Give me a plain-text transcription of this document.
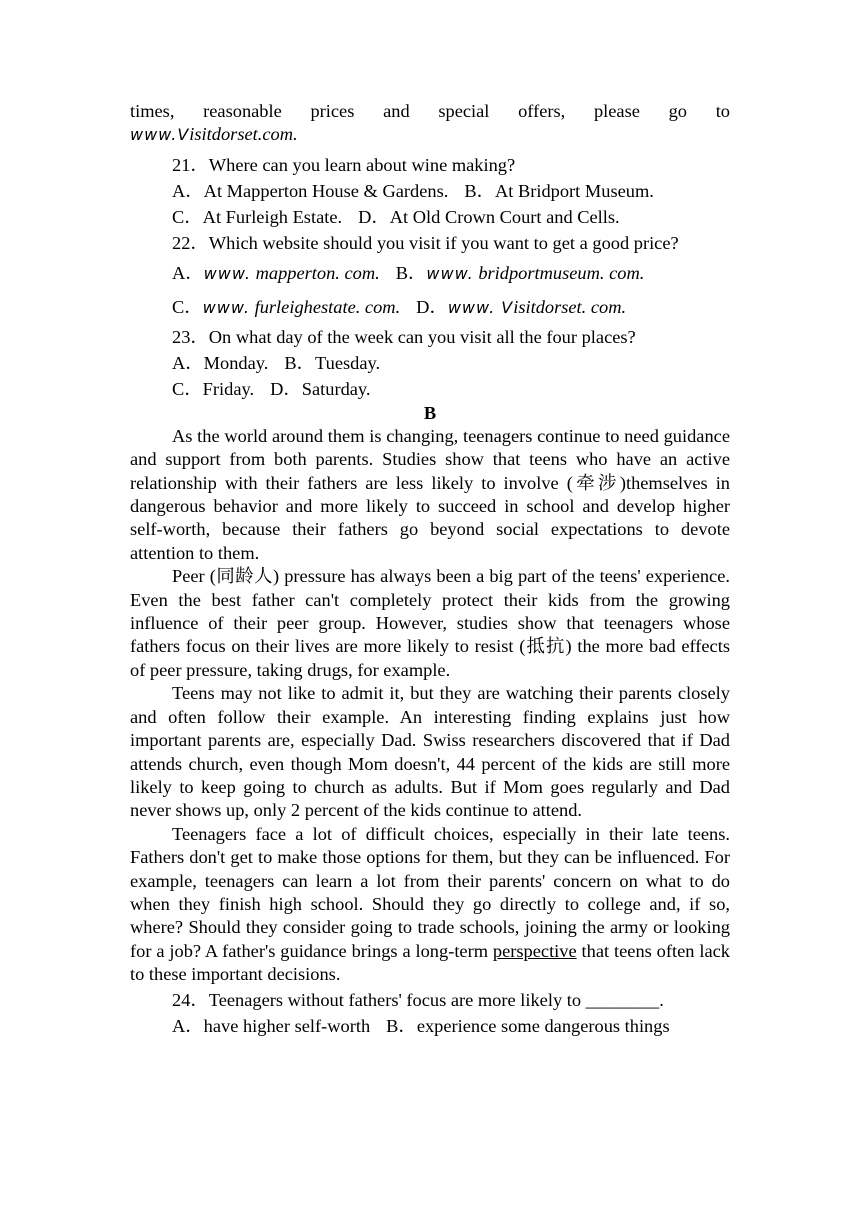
times, reasonable prices and special offers, please go to

www.Visitdorset.com.

21．Where can you learn about wine making?

A．At Mapperton House & Gardens. B．At Bridport Museum.

C．At Furleigh Estate. D．At Old Crown Court and Cells.

22．Which website should you visit if you want to get a good price?

A．www. mapperton. com. B．www. bridportmuseum. com.

C．www. furleighestate. com. D．www. Visitdorset. com.

23．On what day of the week can you visit all the four places?

A．Monday. B．Tuesday.

C．Friday. D．Saturday.

B

As the world around them is changing, teenagers continue to need guidance and support from both parents. Studies show that teens who have an active relationship with their fathers are less likely to involve (牵涉)themselves in dangerous behavior and more likely to succeed in school and develop higher self-worth, because their fathers go beyond social expectations to devote attention to them.

Peer (同龄人) pressure has always been a big part of the teens' experience. Even the best father can't completely protect their kids from the growing influence of their peer group. However, studies show that teenagers whose fathers focus on their lives are more likely to resist (抵抗) the more bad effects of peer pressure, taking drugs, for example.

Teens may not like to admit it, but they are watching their parents closely and often follow their example. An interesting finding explains just how important parents are, especially Dad. Swiss researchers discovered that if Dad attends church, even though Mom doesn't, 44 percent of the kids are still more likely to keep going to church as adults. But if Mom goes regularly and Dad never shows up, only 2 percent of the kids continue to attend.

Teenagers face a lot of difficult choices, especially in their late teens. Fathers don't get to make those options for them, but they can be influenced. For example, teenagers can learn a lot from their parents' concern on what to do when they finish high school. Should they go directly to college and, if so, where? Should they consider going to trade schools, joining the army or looking for a job? A father's guidance brings a long-term perspective that teens often lack to these important decisions.

24．Teenagers without fathers' focus are more likely to ________.

A．have higher self-worth B．experience some dangerous things
